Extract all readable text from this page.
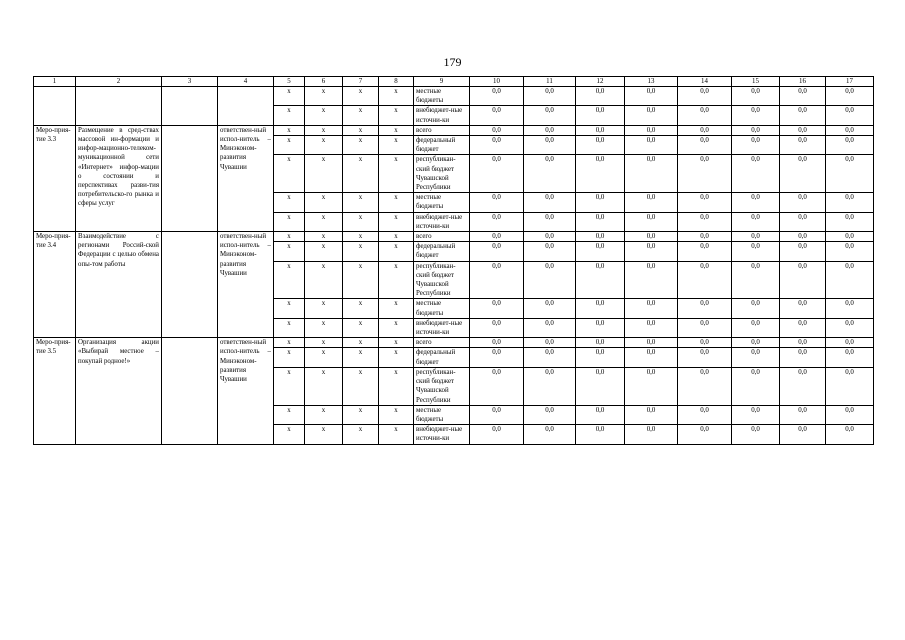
179
1	2	3	4	5	6	7	8	9	10	11	12	13	14	15	16	17
				х	х	х	х	местные бюджеты	0,0	0,0	0,0	0,0	0,0	0,0	0,0	0,0
				х	х	х	х	внебюджет-ные источни-ки	0,0	0,0	0,0	0,0	0,0	0,0	0,0	0,0
Меро-прия-тие 3.3	Размещение в сред-ствах массовой ин-формации и инфор-мационно-телеком-муникационной сети «Интернет» инфор-мации о состоянии и перспективах разви-тия потребительско-го рынка и сферы услуг		ответствен-ный испол-нитель – Минэконом-развития Чувашии	х	х	х	х	всего	0,0	0,0	0,0	0,0	0,0	0,0	0,0	0,0
				х	х	х	х	федеральный бюджет	0,0	0,0	0,0	0,0	0,0	0,0	0,0	0,0
				х	х	х	х	республикан-ский бюджет Чувашской Республики	0,0	0,0	0,0	0,0	0,0	0,0	0,0	0,0
				х	х	х	х	местные бюджеты	0,0	0,0	0,0	0,0	0,0	0,0	0,0	0,0
				х	х	х	х	внебюджет-ные источни-ки	0,0	0,0	0,0	0,0	0,0	0,0	0,0	0,0
Меро-прия-тие 3.4	Взаимодействие с регионами Россий-ской Федерации с целью обмена опы-том работы		ответствен-ный испол-нитель – Минэконом-развития Чувашии	х	х	х	х	всего	0,0	0,0	0,0	0,0	0,0	0,0	0,0	0,0
				х	х	х	х	федеральный бюджет	0,0	0,0	0,0	0,0	0,0	0,0	0,0	0,0
				х	х	х	х	республикан-ский бюджет Чувашской Республики	0,0	0,0	0,0	0,0	0,0	0,0	0,0	0,0
				х	х	х	х	местные бюджеты	0,0	0,0	0,0	0,0	0,0	0,0	0,0	0,0
				х	х	х	х	внебюджет-ные источни-ки	0,0	0,0	0,0	0,0	0,0	0,0	0,0	0,0
Меро-прия-тие 3.5	Организация акции «Выбирай местное – покупай родное!»		ответствен-ный испол-нитель – Минэконом-развития Чувашии	х	х	х	х	всего	0,0	0,0	0,0	0,0	0,0	0,0	0,0	0,0
				х	х	х	х	федеральный бюджет	0,0	0,0	0,0	0,0	0,0	0,0	0,0	0,0
				х	х	х	х	республикан-ский бюджет Чувашской Республики	0,0	0,0	0,0	0,0	0,0	0,0	0,0	0,0
				х	х	х	х	местные бюджеты	0,0	0,0	0,0	0,0	0,0	0,0	0,0	0,0
				х	х	х	х	внебюджет-ные источни-ки	0,0	0,0	0,0	0,0	0,0	0,0	0,0	0,0
